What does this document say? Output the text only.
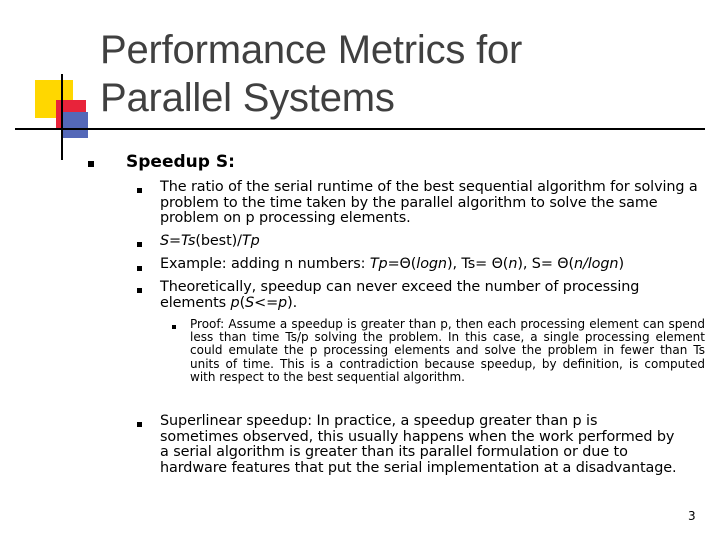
Performance Metrics for
Parallel Systems
Speedup S:
The ratio of the serial runtime of the best sequential algorithm for solving a problem to the time taken by the parallel algorithm to solve the same problem on p processing elements.
S=Ts(best)/Tp
Example: adding n numbers: Tp=Θ(logn), Ts= Θ(n), S= Θ(n/logn)
Theoretically, speedup can never exceed the number of processing elements p(S<=p).
Proof: Assume a speedup is greater than p, then each processing element can spend less than time Ts/p solving the problem. In this case, a single processing element could emulate the p processing elements and solve the problem in fewer than Ts units of time. This is a contradiction because speedup, by definition, is computed with respect to the best sequential algorithm.
Superlinear speedup: In practice, a speedup greater than p is sometimes observed, this usually happens when the work performed by a serial algorithm is greater than its parallel formulation or due to hardware features that put the serial implementation at a disadvantage.
3
